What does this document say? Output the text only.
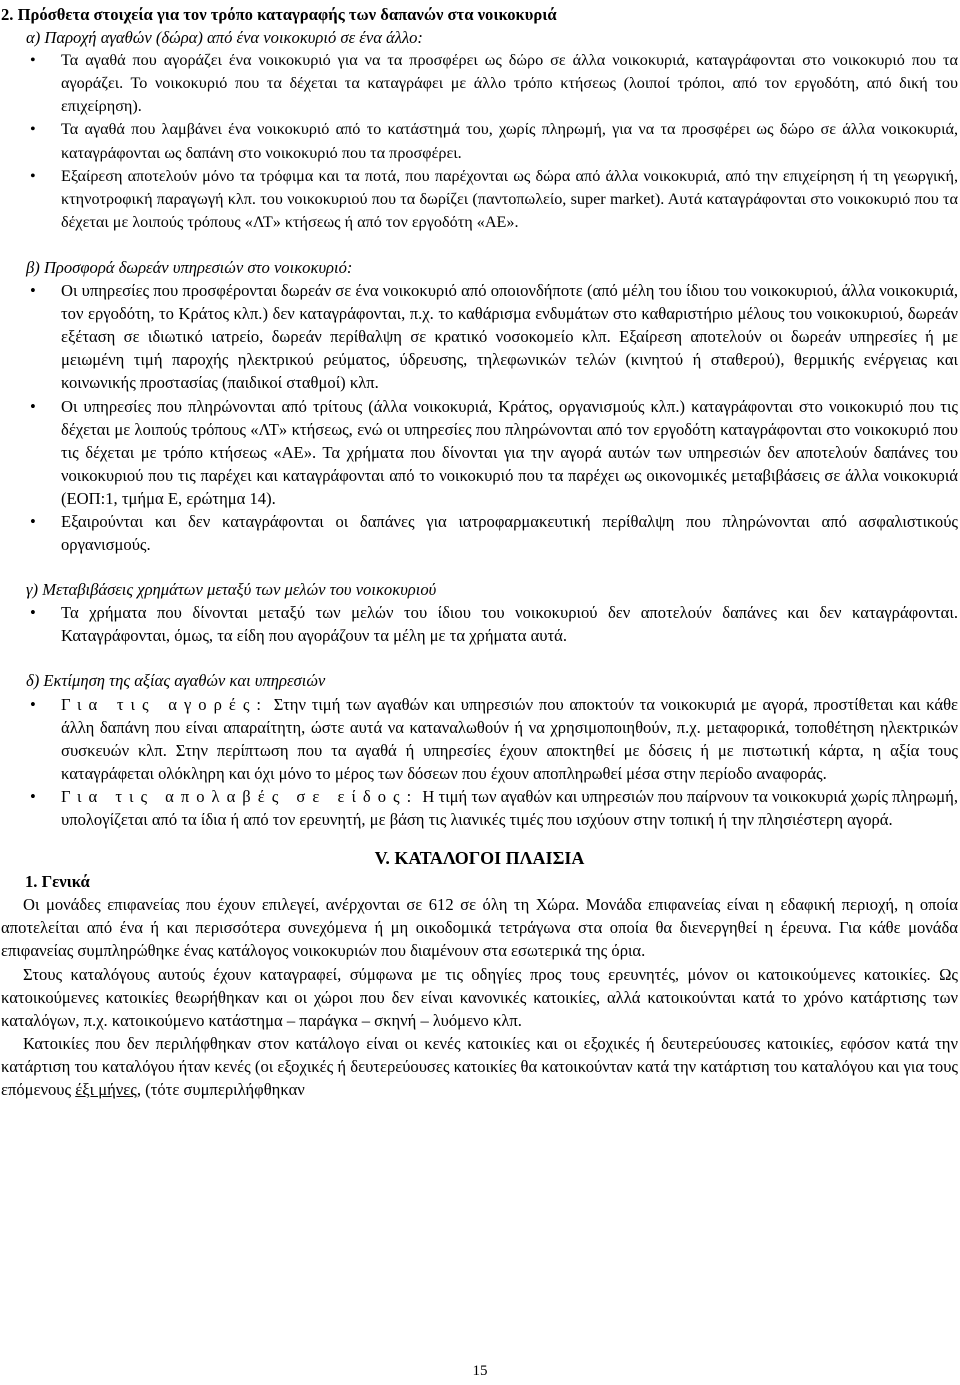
2. Πρόσθετα στοιχεία για τον τρόπο καταγραφής των δαπανών στα νοικοκυριά

α) Παροχή αγαθών (δώρα) από ένα νοικοκυριό σε ένα άλλο:

• Τα αγαθά που αγοράζει ένα νοικοκυριό για να τα προσφέρει ως δώρο σε άλλα νοικοκυριά, καταγράφονται στο νοικοκυριό που τα αγοράζει. Το νοικοκυριό που τα δέχεται τα καταγράφει με άλλο τρόπο κτήσεως (λοιποί τρόποι, από τον εργοδότη, από δική του επιχείρηση).
• Τα αγαθά που λαμβάνει ένα νοικοκυριό από το κατάστημά του, χωρίς πληρωμή, για να τα προσφέρει ως δώρο σε άλλα νοικοκυριά, καταγράφονται ως δαπάνη στο νοικοκυριό που τα προσφέρει.
• Εξαίρεση αποτελούν μόνο τα τρόφιμα και τα ποτά, που παρέχονται ως δώρα από άλλα νοικοκυριά, από την επιχείρηση ή τη γεωργική, κτηνοτροφική παραγωγή κλπ. του νοικοκυριού που τα δωρίζει (παντοπωλείο, super market). Αυτά καταγράφονται στο νοικοκυριό που τα δέχεται με λοιπούς τρόπους «ΛΤ» κτήσεως ή από τον εργοδότη «ΑΕ».

β) Προσφορά δωρεάν υπηρεσιών στο νοικοκυριό:

• Οι υπηρεσίες που προσφέρονται δωρεάν σε ένα νοικοκυριό από οποιονδήποτε (από μέλη του ίδιου του νοικοκυριού, άλλα νοικοκυριά, τον εργοδότη, το Κράτος κλπ.) δεν καταγράφονται, π.χ. το καθάρισμα ενδυμάτων στο καθαριστήριο μέλους του νοικοκυριού, δωρεάν εξέταση σε ιδιωτικό ιατρείο, δωρεάν περίθαλψη σε κρατικό νοσοκομείο κλπ. Εξαίρεση αποτελούν οι δωρεάν υπηρεσίες ή με μειωμένη τιμή παροχής ηλεκτρικού ρεύματος, ύδρευσης, τηλεφωνικών τελών (κινητού ή σταθερού), θερμικής ενέργειας και κοινωνικής προστασίας (παιδικοί σταθμοί) κλπ.
• Οι υπηρεσίες που πληρώνονται από τρίτους (άλλα νοικοκυριά, Κράτος, οργανισμούς κλπ.) καταγράφονται στο νοικοκυριό που τις δέχεται με λοιπούς τρόπους «ΛΤ» κτήσεως, ενώ οι υπηρεσίες που πληρώνονται από τον εργοδότη καταγράφονται στο νοικοκυριό που τις δέχεται με τρόπο κτήσεως «ΑΕ». Τα χρήματα που δίνονται για την αγορά αυτών των υπηρεσιών δεν αποτελούν δαπάνες του νοικοκυριού που τις παρέχει και καταγράφονται από το νοικοκυριό που τα παρέχει ως οικονομικές μεταβιβάσεις σε άλλα νοικοκυριά (ΕΟΠ:1, τμήμα Ε, ερώτημα 14).
• Εξαιρούνται και δεν καταγράφονται οι δαπάνες για ιατροφαρμακευτική περίθαλψη που πληρώνονται από ασφαλιστικούς οργανισμούς.

γ) Μεταβιβάσεις χρημάτων μεταξύ των μελών του νοικοκυριού

• Τα χρήματα που δίνονται μεταξύ των μελών του ίδιου του νοικοκυριού δεν αποτελούν δαπάνες και δεν καταγράφονται. Καταγράφονται, όμως, τα είδη που αγοράζουν τα μέλη με τα χρήματα αυτά.

δ) Εκτίμηση της αξίας αγαθών και υπηρεσιών

• Για τις αγορές: Στην τιμή των αγαθών και υπηρεσιών που αποκτούν τα νοικοκυριά με αγορά, προστίθεται και κάθε άλλη δαπάνη που είναι απαραίτητη, ώστε αυτά να καταναλωθούν ή να χρησιμοποιηθούν, π.χ. μεταφορικά, τοποθέτηση ηλεκτρικών συσκευών κλπ. Στην περίπτωση που τα αγαθά ή υπηρεσίες έχουν αποκτηθεί με δόσεις ή με πιστωτική κάρτα, η αξία τους καταγράφεται ολόκληρη και όχι μόνο το μέρος των δόσεων που έχουν αποπληρωθεί μέσα στην περίοδο αναφοράς.
• Για τις απολαβές σε είδος: Η τιμή των αγαθών και υπηρεσιών που παίρνουν τα νοικοκυριά χωρίς πληρωμή, υπολογίζεται από τα ίδια ή από τον ερευνητή, με βάση τις λιανικές τιμές που ισχύουν στην τοπική ή την πλησιέστερη αγορά.

V. ΚΑΤΑΛΟΓΟΙ ΠΛΑΙΣΙΑ

1. Γενικά

Οι μονάδες επιφανείας που έχουν επιλεγεί, ανέρχονται σε 612 σε όλη τη Χώρα. Μονάδα επιφανείας είναι η εδαφική περιοχή, η οποία αποτελείται από ένα ή και περισσότερα συνεχόμενα ή μη οικοδομικά τετράγωνα στα οποία θα διενεργηθεί η έρευνα. Για κάθε μονάδα επιφανείας συμπληρώθηκε ένας κατάλογος νοικοκυριών που διαμένουν στα εσωτερικά της όρια.

Στους καταλόγους αυτούς έχουν καταγραφεί, σύμφωνα με τις οδηγίες προς τους ερευνητές, μόνον οι κατοικούμενες κατοικίες. Ως κατοικούμενες κατοικίες θεωρήθηκαν και οι χώροι που δεν είναι κανονικές κατοικίες, αλλά κατοικούνται κατά το χρόνο κατάρτισης των καταλόγων, π.χ. κατοικούμενο κατάστημα – παράγκα – σκηνή – λυόμενο κλπ.

Κατοικίες που δεν περιλήφθηκαν στον κατάλογο είναι οι κενές κατοικίες και οι εξοχικές ή δευτερεύουσες κατοικίες, εφόσον κατά την κατάρτιση του καταλόγου ήταν κενές (οι εξοχικές ή δευτερεύουσες κατοικίες θα κατοικούνταν κατά την κατάρτιση του καταλόγου και για τους επόμενους έξι μήνες, (τότε συμπεριλήφθηκαν

15
